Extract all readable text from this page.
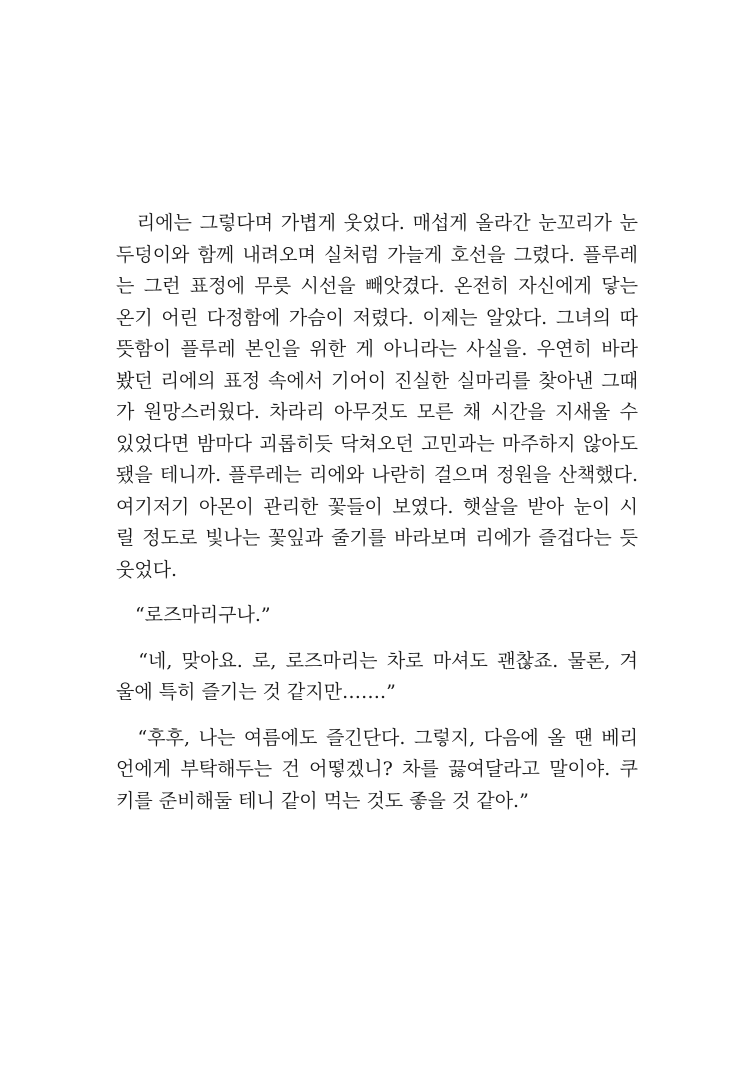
　리에는 그렇다며 가볍게 웃었다. 매섭게 올라간 눈꼬리가 눈
두덩이와 함께 내려오며 실처럼 가늘게 호선을 그렸다. 플루레
는 그런 표정에 무릇 시선을 빼앗겼다. 온전히 자신에게 닿는
온기 어린 다정함에 가슴이 저렸다. 이제는 알았다. 그녀의 따
뜻함이 플루레 본인을 위한 게 아니라는 사실을. 우연히 바라
봤던 리에의 표정 속에서 기어이 진실한 실마리를 찾아낸 그때
가 원망스러웠다. 차라리 아무것도 모른 채 시간을 지새울 수
있었다면 밤마다 괴롭히듯 닥쳐오던 고민과는 마주하지 않아도
됐을 테니까. 플루레는 리에와 나란히 걸으며 정원을 산책했다.
여기저기 아몬이 관리한 꽃들이 보였다. 햇살을 받아 눈이 시
릴 정도로 빛나는 꽃잎과 줄기를 바라보며 리에가 즐겁다는 듯
웃었다.
　“로즈마리구나.”
　“네, 맞아요. 로, 로즈마리는 차로 마셔도 괜찮죠. 물론, 겨
울에 특히 즐기는 것 같지만…….”
　“후후, 나는 여름에도 즐긴단다. 그렇지, 다음에 올 땐 베리
언에게 부탁해두는 건 어떻겠니? 차를 끓여달라고 말이야. 쿠
키를 준비해둘 테니 같이 먹는 것도 좋을 것 같아.”
